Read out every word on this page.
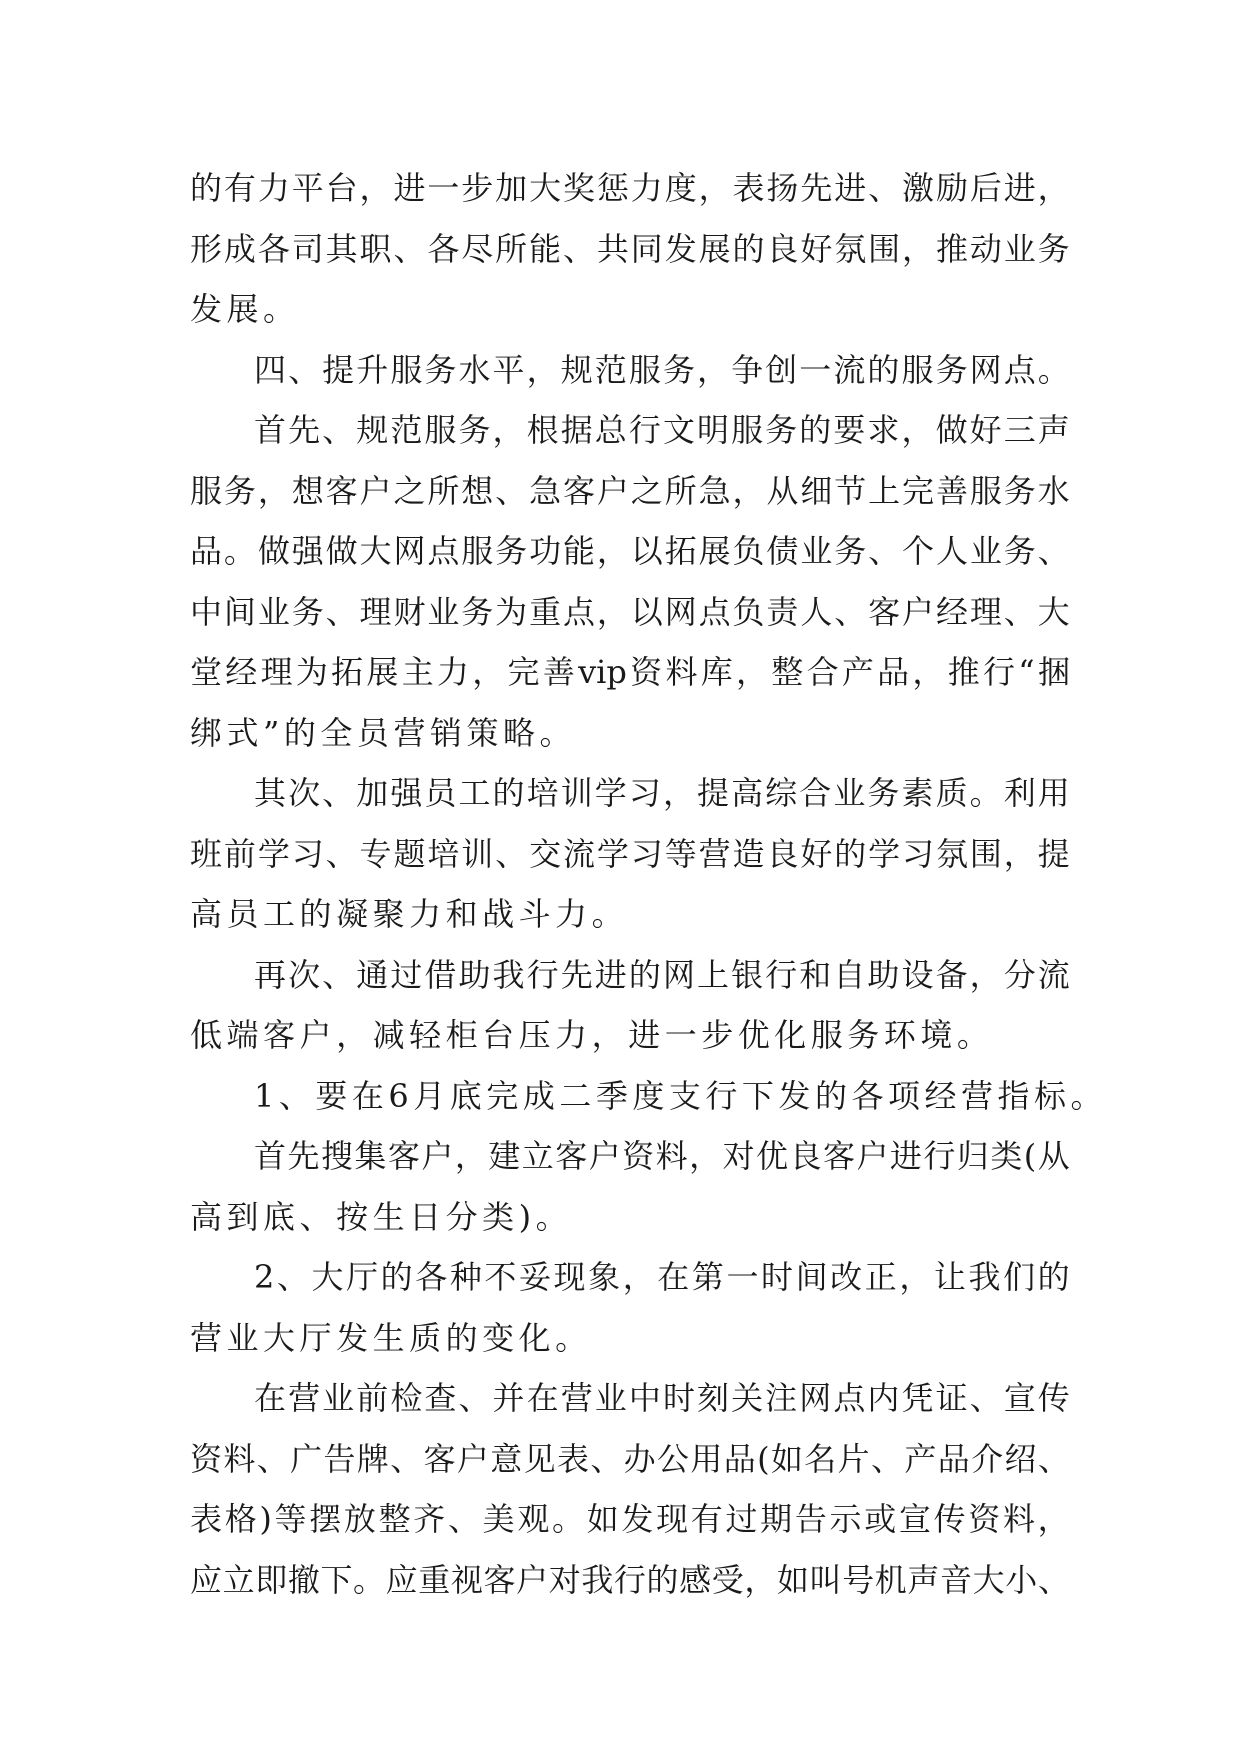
的 有 力 平 台 ， 进 一 步 加 大 奖 惩 力 度 ， 表 扬 先 进 、 激 励 后 进 ，
形 成 各 司 其 职 、 各 尽 所 能 、 共 同 发 展 的 良 好 氛 围 ， 推 动 业 务
发 展 。
四 、 提 升 服 务 水 平 ， 规 范 服 务 ， 争 创 一 流 的 服 务 网 点 。
首 先 、 规 范 服 务 ， 根 据 总 行 文 明 服 务 的 要 求 ， 做 好 三 声
服 务 ， 想 客 户 之 所 想 、 急 客 户 之 所 急 ， 从 细 节 上 完 善 服 务 水
品 。 做 强 做 大 网 点 服 务 功 能 ， 以 拓 展 负 债 业 务 、 个 人 业 务 、
中 间 业 务 、 理 财 业 务 为 重 点 ， 以 网 点 负 责 人 、 客 户 经 理 、 大
堂 经 理 为 拓 展 主 力 ， 完 善 vip 资 料 库 ， 整 合 产 品 ， 推 行 “ 捆
绑 式 ” 的 全 员 营 销 策 略 。
其 次 、 加 强 员 工 的 培 训 学 习 ， 提 高 综 合 业 务 素 质 。 利 用
班 前 学 习 、 专 题 培 训 、 交 流 学 习 等 营 造 良 好 的 学 习 氛 围 ， 提
高 员 工 的 凝 聚 力 和 战 斗 力 。
再 次 、 通 过 借 助 我 行 先 进 的 网 上 银 行 和 自 助 设 备 ， 分 流
低 端 客 户 ， 减 轻 柜 台 压 力 ， 进 一 步 优 化 服 务 环 境 。
1 、 要 在 6 月 底 完 成 二 季 度 支 行 下 发 的 各 项 经 营 指 标 。
首 先 搜 集 客 户 ， 建 立 客 户 资 料 ， 对 优 良 客 户 进 行 归 类 ( 从
高 到 底 、 按 生 日 分 类 ) 。
2 、 大 厅 的 各 种 不 妥 现 象 ， 在 第 一 时 间 改 正 ， 让 我 们 的
营 业 大 厅 发 生 质 的 变 化 。
在 营 业 前 检 查 、 并 在 营 业 中 时 刻 关 注 网 点 内 凭 证 、 宣 传
资 料 、 广 告 牌 、 客 户 意 见 表 、 办 公 用 品 ( 如 名 片 、 产 品 介 绍 、
表 格 ) 等 摆 放 整 齐 、 美 观 。 如 发 现 有 过 期 告 示 或 宣 传 资 料 ，
应 立 即 撤 下 。 应 重 视 客 户 对 我 行 的 感 受 ， 如 叫 号 机 声 音 大 小 、
